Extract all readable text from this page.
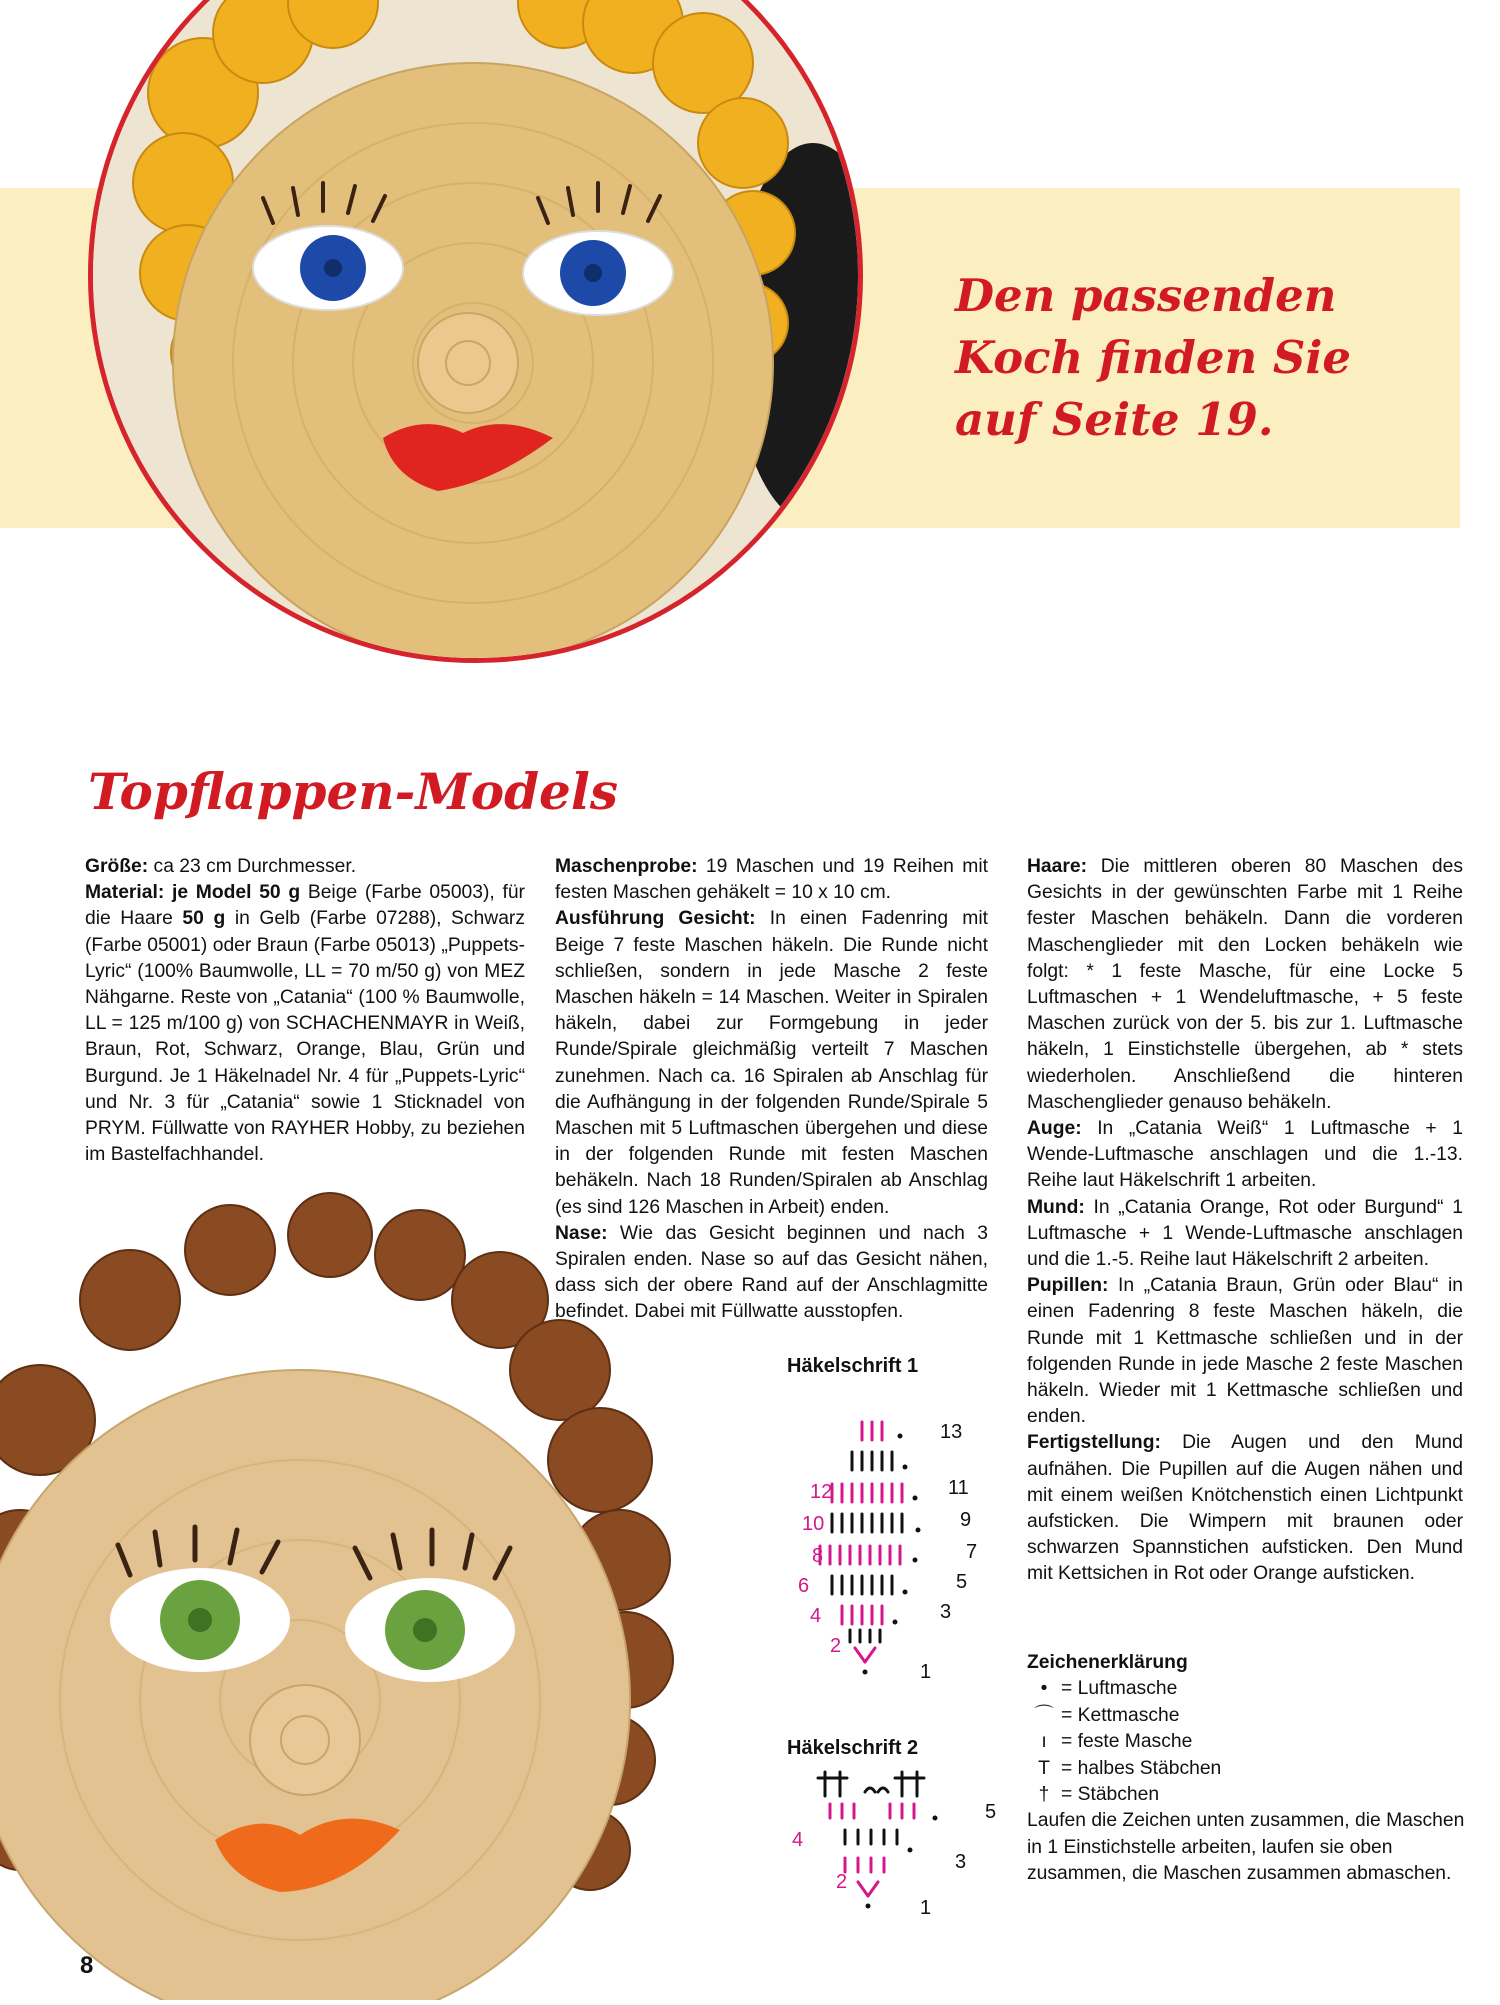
Den passenden
Koch finden Sie
auf Seite 19.
Topflappen-Models

Größe: ca 23 cm Durchmesser.
Material: je Model 50 g Beige (Farbe 05003), für die Haare 50 g in Gelb (Farbe 07288), Schwarz (Farbe 05001) oder Braun (Farbe 05013) „Puppets-Lyric“ (100% Baumwolle, LL = 70 m/50 g) von MEZ Nähgarne. Reste von „Catania“ (100 % Baumwolle, LL = 125 m/100 g) von SCHACHENMAYR in Weiß, Braun, Rot, Schwarz, Orange, Blau, Grün und Burgund. Je 1 Häkelnadel Nr. 4 für „Puppets-Lyric“ und Nr. 3 für „Catania“ sowie 1 Sticknadel von PRYM. Füllwatte von RAYHER Hobby, zu beziehen im Bastelfachhandel.

Maschenprobe: 19 Maschen und 19 Reihen mit festen Maschen gehäkelt = 10 x 10 cm.
Ausführung Gesicht: In einen Fadenring mit Beige 7 feste Maschen häkeln. Die Runde nicht schließen, sondern in jede Masche 2 feste Maschen häkeln = 14 Maschen. Weiter in Spiralen häkeln, dabei zur Formgebung in jeder Runde/Spirale gleichmäßig verteilt 7 Maschen zunehmen. Nach ca. 16 Spiralen ab Anschlag für die Aufhängung in der folgenden Runde/Spirale 5 Maschen mit 5 Luftmaschen übergehen und diese in der folgenden Runde mit festen Maschen behäkeln. Nach 18 Runden/Spiralen ab Anschlag (es sind 126 Maschen in Arbeit) enden.
Nase: Wie das Gesicht beginnen und nach 3 Spiralen enden. Nase so auf das Gesicht nähen, dass sich der obere Rand auf der Anschlagmitte befindet. Dabei mit Füllwatte ausstopfen.

Haare: Die mittleren oberen 80 Maschen des Gesichts in der gewünschten Farbe mit 1 Reihe fester Maschen behäkeln. Dann die vorderen Maschenglieder mit den Locken behäkeln wie folgt: * 1 feste Masche, für eine Locke 5 Luftmaschen + 1 Wendeluftmasche, + 5 feste Maschen zurück von der 5. bis zur 1. Luftmasche häkeln, 1 Einstichstelle übergehen, ab * stets wiederholen. Anschließend die hinteren Maschenglieder genauso behäkeln.
Auge: In „Catania Weiß“ 1 Luftmasche + 1 Wende-Luftmasche anschlagen und die 1.-13. Reihe laut Häkelschrift 1 arbeiten.
Mund: In „Catania Orange, Rot oder Burgund“ 1 Luftmasche + 1 Wende-Luftmasche anschlagen und die 1.-5. Reihe laut Häkelschrift 2 arbeiten.
Pupillen: In „Catania Braun, Grün oder Blau“ in einen Fadenring 8 feste Maschen häkeln, die Runde mit 1 Kettmasche schließen und in der folgenden Runde in jede Masche 2 feste Maschen häkeln. Wieder mit 1 Kettmasche schließen und enden.
Fertigstellung: Die Augen und den Mund aufnähen. Die Pupillen auf die Augen nähen und mit einem weißen Knötchenstich einen Lichtpunkt aufsticken. Die Wimpern mit braunen oder schwarzen Spannstichen aufsticken. Den Mund mit Kettsichen in Rot oder Orange aufsticken.

Häkelschrift 1
1
3
5
7
9
11
13
2
4
6
8
10
12
Häkelschrift 2
1
3
5
2
4
Zeichenerklärung
• = Luftmasche
⌒ = Kettmasche
ı = feste Masche
T = halbes Stäbchen
† = Stäbchen
Laufen die Zeichen unten zusammen, die Maschen in 1 Einstichstelle arbeiten, laufen sie oben zusammen, die Maschen zusammen abmaschen.
8
